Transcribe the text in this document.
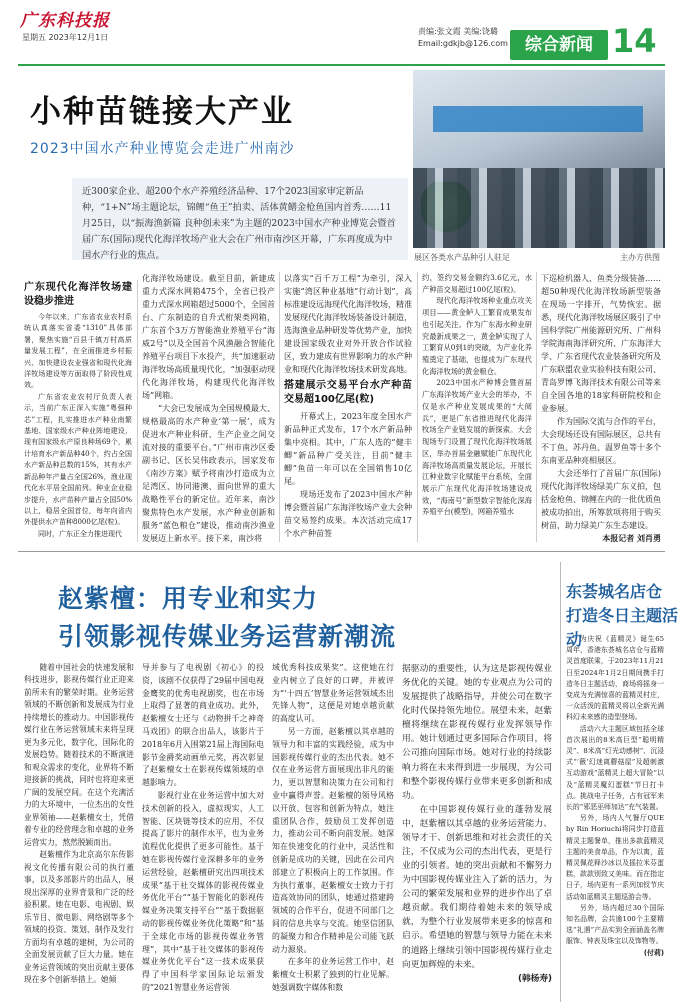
广东科技报
星期五 2023年12月1日
责编:张文霞 美编:饶璐
Email:gdkjb@126.com	综合新闻 14
小种苗链接大产业
2023中国水产种业博览会走进广州南沙
近300家企业、超200个水产养殖经济品种、17个2023国家审定新品种，“1+N”场主题论坛，锦鲤“鱼王”拍卖、活体黄鳝金枪鱼国内首秀……11月25日，以“振海渔新篇 良种创未来”为主题的2023中国水产种业博览会暨首届广东(国际)现代化海洋牧场产业大会在广州市南沙区开幕，广东再度成为中国水产行业的焦点。	展区各类水产品种引人驻足	主办方供图
广东现代化海洋牧场建设稳步推进

今年以来，广东省农业农村系统认真落实省委“1310”具体部署，聚焦实施“百县千镇万村高质量发展工程”，在全面推进乡村振兴、加快建设农业强省和现代化海洋牧场建设等方面取得了阶段性成效。

广东省农业农村厅负责人表示，当前广东正深入实施“粤强种芯”工程，扎实推进水产种业南繁基地、国家级水产种业阵地建设，现有国家级水产原良种场69个，累计培育水产新品种40个，约占全国水产新品种总数的15%，其有水产新品种年产量占全国26%，渔业现代化水平居全国前列。种业企业稳步提升，水产苗种产量占全国50%以上，稳居全国首位，每年向省内外提供水产苗种8000亿尾(粒)。

同时，广东正全力推进现代

化海洋牧场建设。截至目前，新建成重力式深水网箱475个，全省已投产重力式深水网箱超过5000个，全国首台、广东制造的自升式桁架类网箱，广东首个3万方智能渔业养殖平台“海威2号”以及全国首个风渔融合智能化养殖平台项目下水投产，共“加速驱动海洋牧场高质量现代化，“加强驱动现代化海洋牧场，构建现代化海洋牧场”网箱。

“大会已发展成为全国规模最大、规格最高的水产种业‘第一展’，成为促进水产种业科研、生产企业之间交流对接的重要平台。”广州市南沙区委副书记、区长吴伟政表示，国家发布《南沙方案》赋予将南沙打造成为立足湾区、协同港澳、面向世界的重大战略性平台的新定位。近年来，南沙聚焦特色水产发展，水产种业创新和服务“蓝色粮仓”建设，推动南沙渔业发展迈上新水平。接下来，南沙将

以落实“百千万工程”为牵引，深入实施“湾区种业基地”行动计划”，高标准建设远海现代化海洋牧场，精准发展现代化海洋牧场装备设计制造，选海渔业品种研发等优势产业，加快建设国家级农业对外开放合作试验区，致力建成有世界影响力的水产种业和现代化海洋牧场技术研发高地。

搭建展示交易平台水产种苗交易超100亿尾(粒)

开幕式上，2023年度全国水产新品种正式发布，17个水产新品种集中亮相。其中，广东人选的“健丰鲫”新品种广受关注，目前“健丰鲫”鱼苗一年可以在全国销售10亿尾。

现场还发布了2023中国水产种博会暨首届广东海洋牧场产业大会种苗交易签约成果。本次活动完成17个水产种苗签

约，签约交易金额约3.6亿元，水产种苗交易超过100亿尾(粒)。

现代化海洋牧场种业重点攻关项目——黄金鲈人工繁育成果发布也引起关注。作为广东海水种业研究最新成果之一，黄金鲈实现了人工繁育从0到1的突破，为产业化养殖奠定了基础，也提成为广东现代化海洋牧场的黄金粮仓。

2023中国水产种博会暨首届广东海洋牧场产业大会的举办，不仅是水产种业发展成果的“大阅兵”，更是广东省推进现代化海洋牧场全产业链发展的新探索。大会现场专门设置了现代化海洋牧场展区，举办首届金融赋能广东现代化海洋牧场高质量发展论坛，开展长江种业数字化赋能平台系统，全面展示广东现代化海洋牧场建设成效，“海南号”新型数字智能化深海养殖平台(模型)，网箱养殖水

下巡检机器人、鱼类分级装备……超50种现代化海洋牧场新型装备在现场一字排开，气势恢宏。据悉，现代化海洋牧场展区吸引了中国科学院广州能源研究所、广州科学院海南海洋研究所、广东海洋大学、广东省现代农业装备研究所及广东联盟农业实验科技有限公司、青岛罗博飞海洋技术有限公司等来自全国各地的18家科研院校和企业参展。

作为国际交流与合作的平台，大会现场还设有国际展区，总共有不丁鱼、苏丹鱼、温罗鱼等十多个东南亚品种亮相展区。

大会还举行了首届广东(国际)现代化海洋牧场绿美广东义拍，包括金枪鱼、锦鲤在内的一批优质鱼被成功拍出，所筹款项将用于购买树苗，助力绿美广东生态建设。

本报记者 刘肖勇
赵紫檀：用专业和实力
引领影视传媒业务运营新潮流

随着中国社会的快速发展和科技进步，影视传媒行业正迎来前所未有的繁荣时期。业务运营领域的不断创新和发展成为行业持续增长的推动力。中国影视传媒行业在务运营领域未来将呈现更为多元化，数字化，国际化的发展趋势。随着技术的不断演进和观众需求的变化，业界将不断迎接新的挑战，同时也将迎来更广阔的发展空间。在这个充满活力的大环境中，一位杰出的女性业界领袖——赵紫檀女士，凭借着专业的经营理念和卓越的业务运营实力，熬然脱颖而出。

赵紫檀作为北京高尔东传影视文化传播有限公司的执行董事，以及多部影片的出品人，展现出深厚的业界背景和广泛的经验积累。她在电影、电视剧、娱乐节目、微电影、网络剧等多个领域的投资、策划、制作及发行方面均有卓越的建树，为公司的全面发展贡献了巨大力量。她在业务运营领域的突出贡献主要体现在多个创新举措上。她倾

导并参与了电视剧《初心》的投资，该剧不仅获得了29届中国电视金鹰奖的优秀电视剧奖，也在市场上取得了显著的商业成功。此外，赵紫檀女士还与《动物拼千之神奇马戏团》的联合出品人，该影片于2018年6月入围第21届上海国际电影节金爵奖动画单元奖，再次彰显了赵紫檀女士在影视传媒领域的卓越影响力。

影视行业在业务运营中加大对技术创新的投入，虚拟现实、人工智能、区块链等技术的应用，不仅提高了影片的制作水平，也为业务流程优化提供了更多可能性。基于她在影视传媒行业深耕多年的业务运营经验，赵紫檀研究出四项技术成果“基于社交媒体的影视传媒业务优化平台”“基于智能化的影视传媒业务决策支持平台”“基于数据驱动的影视传媒业务优化策略”和“基于全球化市场的影视传媒业务管理”，其中“基于社交媒体的影视传媒业务优化平台”这一技术成果获得了中国科学家国际论坛颁发的“2021智慧业务运营领

域优秀科技成果奖”。这使她在行业内树立了良好的口碑，并被评为“‘十四五’智慧业务运营领域杰出先锋人物”，这便是对她卓越贡献的高度认可。

另一方面，赵紫檀以其卓越的领导力和丰富的实践经验，成为中国影视传媒行业的杰出代表。她不仅在业务运营方面展现出非凡的能力，更以智慧和决策力在公司和行业中赢得声誉。赵紫檀的领导风格以开放、包容和创新为特点，她注重团队合作，鼓励员工发挥创造力，推动公司不断向前发展。她深知在快速变化的行业中，灵活性和创新是成功的关键，因此在公司内部建立了积极向上的工作氛围。作为执行董事，赵紫檀女士致力于打造高效协同的团队，她通过搭建跨领域的合作平台，促进不同部门之间的信息共享与交流。她坚信团队的凝聚力和合作精神是公司能飞跃动力源泉。

在多年的业务运营工作中，赵紫檀女士积累了独到的行业见解。她强调数字媒体和数

据驱动的重要性，认为这是影视传媒业务优化的关键。她的专业观点为公司的发展提供了战略指导，并使公司在数字化时代保持领先地位。展望未来，赵紫檀将继续在影视传媒行业发挥领导作用。她计划通过更多国际合作项目，将公司推向国际市场。她对行业的持续影响力将在未来得到进一步展现，为公司和整个影视传媒行业带来更多创新和成功。

在中国影视传媒行业的蓬勃发展中，赵紫檀以其卓越的业务运营能力、领导才干、创新思维和对社会责任的关注，不仅成为公司的杰出代表，更是行业的引领者。她的突出贡献和不懈努力为中国影视传媒业注入了新的活力，为公司的繁荣发展和业界的进步作出了卓越贡献。我们期待着她未来的领导成就，为整个行业发展带来更多的惊喜和启示。希望她的智慧与领导力能在未来的道路上继续引领中国影视传媒行业走向更加辉煌的未来。

(韩杨寿)
东荟城名店仓
打造冬日主题活动

为庆祝《蓝精灵》诞生65周年，香港东荟城名店仓与蓝精灵首度联乘，于2023年11月21日至2024年1月2日期间携手打造冬日主题活动，商场将摇身一变成为充满惊喜的蓝精灵村庄，一众活泼的蓝精灵将以全新光满科幻未来感的造型登场。

活动六大主题区域包括全球首次展出的8米高巨型“聪明精灵”、8米高“灯光动感树”、沉浸式“‘薇’幻迷离蘑菇屋”及超刺激互动游戏“蓝精灵上超大冒险”以及“蓝精灵魔幻蛋糕”节日打卡点。挑战电子任务，占有冠军来长的“邪恶巫师加达”充气装置。

另外，场内人气餐厅QUE by Rin Horiuchi将同步打造蓝精灵主题餐单，推出多款蓝精灵主题的美食单品，作为以寓，蓝精灵佩花释沙冰以及摇拉米芬蛋糕，款款别致又美味。而在指定日子，场内更有一系列加钗节庆活动如蓝精灵主题巡游会等。

另外，场内超过30个国际知名品牌，会共逾100个主要精选“礼遇”产品实到全面涵盖名牌服饰、钟表及珠宝以及饰物等。

(付莉)
